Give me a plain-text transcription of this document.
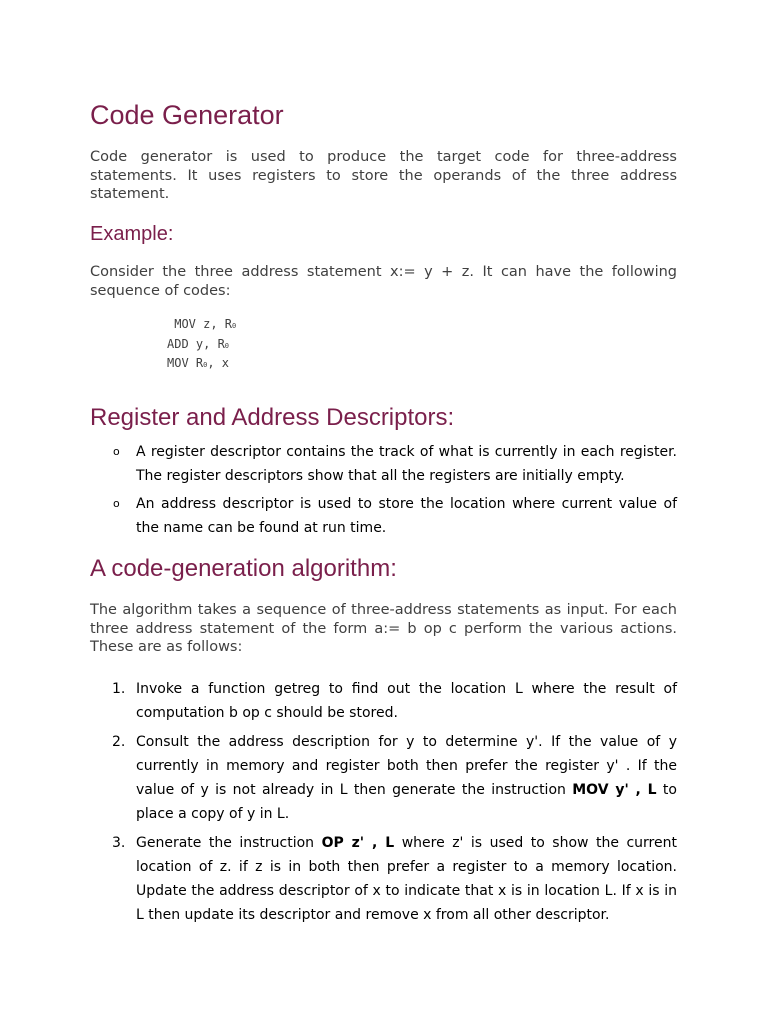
Code Generator

Code generator is used to produce the target code for three-address statements. It uses registers to store the operands of the three address statement.

Example:

Consider the three address statement x:= y + z. It can have the following sequence of codes:

MOV z, R0
ADD y, R0
MOV R0, x
Register and Address Descriptors:
o A register descriptor contains the track of what is currently in each register. The register descriptors show that all the registers are initially empty.
o An address descriptor is used to store the location where current value of the name can be found at run time.
A code-generation algorithm:

The algorithm takes a sequence of three-address statements as input. For each three address statement of the form a:= b op c perform the various actions. These are as follows:

1. Invoke a function getreg to find out the location L where the result of computation b op c should be stored.
2. Consult the address description for y to determine y'. If the value of y currently in memory and register both then prefer the register y' . If the value of y is not already in L then generate the instruction MOV y' , L to place a copy of y in L.
3. Generate the instruction OP z' , L where z' is used to show the current location of z. if z is in both then prefer a register to a memory location. Update the address descriptor of x to indicate that x is in location L. If x is in L then update its descriptor and remove x from all other descriptor.
